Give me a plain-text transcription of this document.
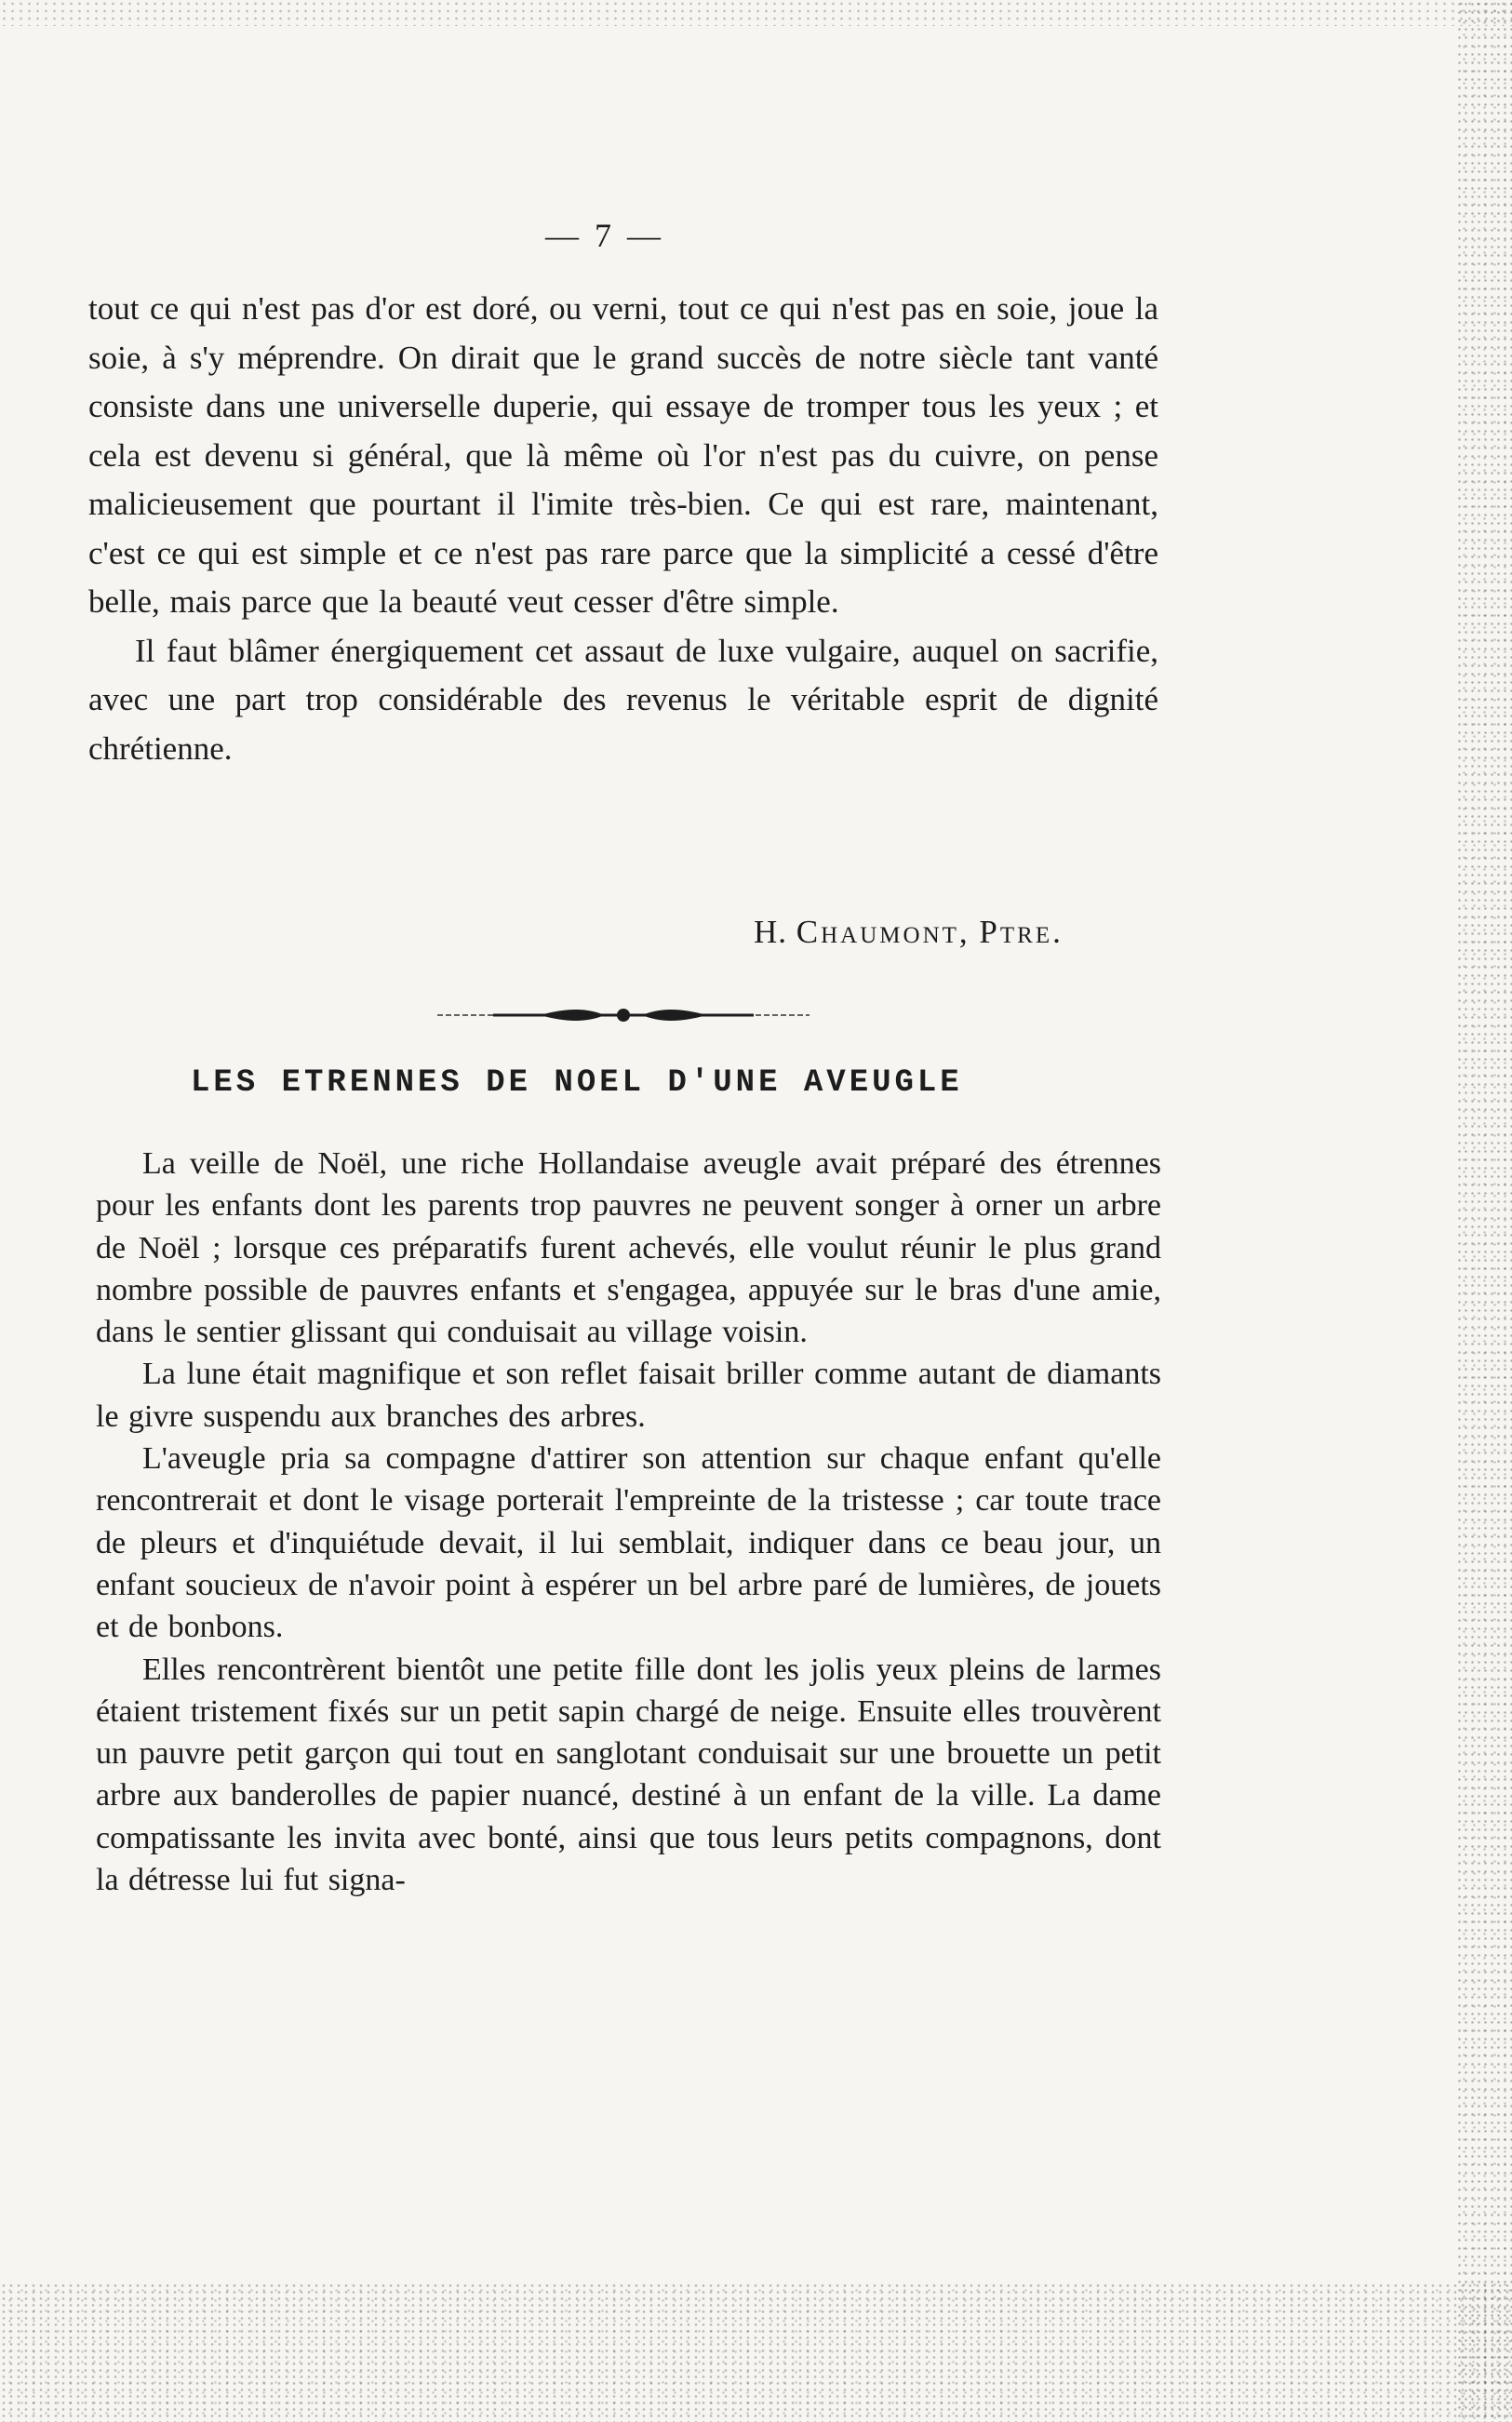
— 7 —

tout ce qui n'est pas d'or est doré, ou verni, tout ce qui n'est pas en soie, joue la soie, à s'y méprendre. On dirait que le grand succès de notre siècle tant vanté consiste dans une universelle duperie, qui essaye de tromper tous les yeux ; et cela est devenu si général, que là même où l'or n'est pas du cuivre, on pense malicieusement que pourtant il l'imite très-bien. Ce qui est rare, maintenant, c'est ce qui est simple et ce n'est pas rare parce que la simplicité a cessé d'être belle, mais parce que la beauté veut cesser d'être simple.

Il faut blâmer énergiquement cet assaut de luxe vulgaire, auquel on sacrifie, avec une part trop considérable des revenus le véritable esprit de dignité chrétienne.

H. Chaumont, Ptre.
LES ETRENNES DE NOEL D'UNE AVEUGLE

La veille de Noël, une riche Hollandaise aveugle avait préparé des étrennes pour les enfants dont les parents trop pauvres ne peuvent songer à orner un arbre de Noël ; lorsque ces préparatifs furent achevés, elle voulut réunir le plus grand nombre possible de pauvres enfants et s'engagea, appuyée sur le bras d'une amie, dans le sentier glissant qui conduisait au village voisin.

La lune était magnifique et son reflet faisait briller comme autant de diamants le givre suspendu aux branches des arbres.

L'aveugle pria sa compagne d'attirer son attention sur chaque enfant qu'elle rencontrerait et dont le visage porterait l'empreinte de la tristesse ; car toute trace de pleurs et d'inquiétude devait, il lui semblait, indiquer dans ce beau jour, un enfant soucieux de n'avoir point à espérer un bel arbre paré de lumières, de jouets et de bonbons.

Elles rencontrèrent bientôt une petite fille dont les jolis yeux pleins de larmes étaient tristement fixés sur un petit sapin chargé de neige. Ensuite elles trouvèrent un pauvre petit garçon qui tout en sanglotant conduisait sur une brouette un petit arbre aux banderolles de papier nuancé, destiné à un enfant de la ville. La dame compatissante les invita avec bonté, ainsi que tous leurs petits compagnons, dont la détresse lui fut signa-
